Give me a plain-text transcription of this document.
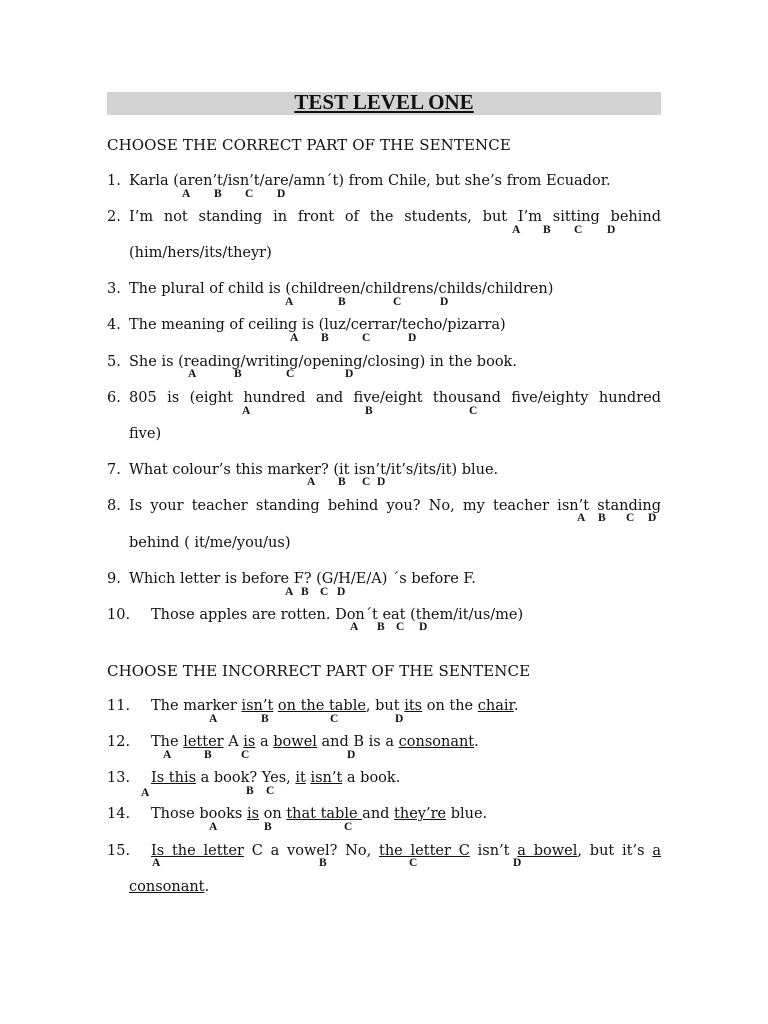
TEST LEVEL ONE
CHOOSE THE CORRECT PART OF THE SENTENCE
1. Karla (aren’t/isn’t/are/amn´t) from Chile, but she’s from Ecuador.
A B C D
2. I’m not standing in front of the students, but I’m sitting behind
A B C D
(him/hers/its/theyr)
3. The plural of child is (childreen/childrens/childs/children)
A	B	C	D
4. The meaning of ceiling is (luz/cerrar/techo/pizarra)
A B	C	D
5. She is (reading/writing/opening/closing) in the book.
A	B	C	D
6. 805 is (eight hundred and five/eight thousand five/eighty hundred
A	B	C
five)
7. What colour’s this marker? (it isn’t/it’s/its/it) blue.
A B C D
8. Is your teacher standing behind you? No, my teacher isn’t standing
A B C D
behind ( it/me/you/us)
9. Which letter is before F? (G/H/E/A) ´s before F.
A B C D
10. Those apples are rotten. Don´t eat (them/it/us/me)
A B C D
CHOOSE THE INCORRECT PART OF THE SENTENCE
11. The marker isn’t on the table, but its on the chair.
A	B	C	D
12. The letter A is a bowel and B is a consonant.
A	B	C	D
13. Is this a book? Yes, it isn’t a book.
A	B C
14. Those books is on that table and they’re blue.
A	B	C
15. Is the letter C a vowel? No, the letter C isn’t a bowel, but it’s a
A	B	C	D
consonant.
